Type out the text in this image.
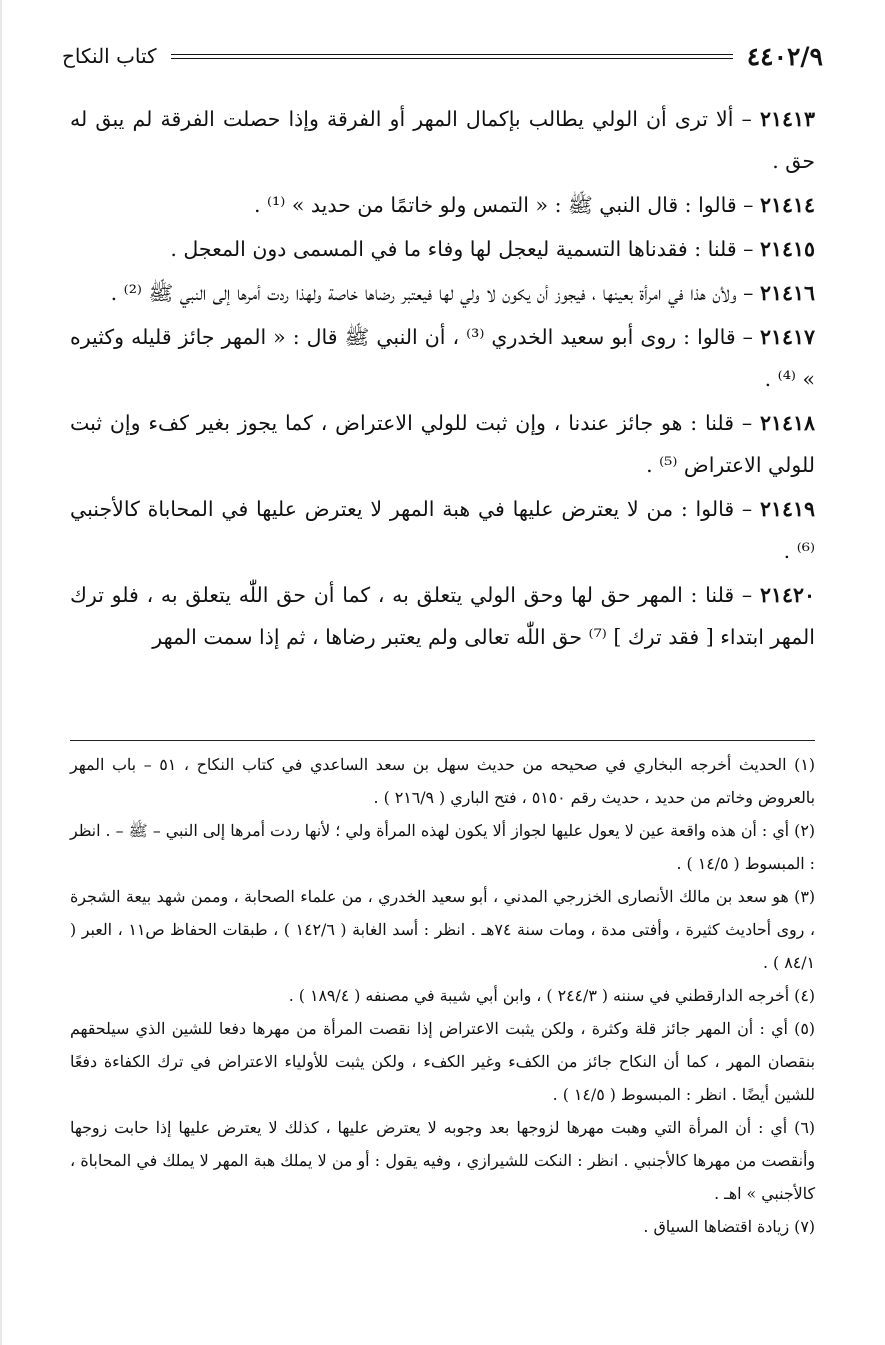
٤٤٠٢/٩
كتاب النكاح

٢١٤١٣ – ألا ترى أن الولي يطالب بإكمال المهر أو الفرقة وإذا حصلت الفرقة لم يبق له حق .

٢١٤١٤ – قالوا : قال النبي ﷺ : « التمس ولو خاتمًا من حديد » ⁽¹⁾ .

٢١٤١٥ – قلنا : فقدناها التسمية ليعجل لها وفاء ما في المسمى دون المعجل .

٢١٤١٦ – ولأن هذا في امرأة بعينها ، فيجوز أن يكون لا ولي لها فيعتبر رضاها خاصة ولهذا ردت أمرها إلى النبي ﷺ ⁽²⁾ .

٢١٤١٧ – قالوا : روى أبو سعيد الخدري ⁽³⁾ ، أن النبي ﷺ قال : « المهر جائز قليله وكثيره » ⁽⁴⁾ .

٢١٤١٨ – قلنا : هو جائز عندنا ، وإن ثبت للولي الاعتراض ، كما يجوز بغير كفء وإن ثبت للولي الاعتراض ⁽⁵⁾ .

٢١٤١٩ – قالوا : من لا يعترض عليها في هبة المهر لا يعترض عليها في المحاباة كالأجنبي ⁽⁶⁾ .

٢١٤٢٠ – قلنا : المهر حق لها وحق الولي يتعلق به ، كما أن حق اللّٰه يتعلق به ، فلو ترك المهر ابتداء [ فقد ترك ] ⁽⁷⁾ حق اللّٰه تعالى ولم يعتبر رضاها ، ثم إذا سمت المهر

(١) الحديث أخرجه البخاري في صحيحه من حديث سهل بن سعد الساعدي في كتاب النكاح ، ٥١ – باب المهر بالعروض وخاتم من حديد ، حديث رقم ٥١٥٠ ، فتح الباري ( ٢١٦/٩ ) .

(٢) أي : أن هذه واقعة عين لا يعول عليها لجواز ألا يكون لهذه المرأة ولي ؛ لأنها ردت أمرها إلى النبي – ﷺ – . انظر : المبسوط ( ١٤/٥ ) .

(٣) هو سعد بن مالك الأنصارى الخزرجي المدني ، أبو سعيد الخدري ، من علماء الصحابة ، وممن شهد بيعة الشجرة ، روى أحاديث كثيرة ، وأفتى مدة ، ومات سنة ٧٤هـ . انظر : أسد الغابة ( ١٤٢/٦ ) ، طبقات الحفاظ ص١١ ، العبر ( ٨٤/١ ) .

(٤) أخرجه الدارقطني في سننه ( ٢٤٤/٣ ) ، وابن أبي شيبة في مصنفه ( ١٨٩/٤ ) .

(٥) أي : أن المهر جائز قلة وكثرة ، ولكن يثبت الاعتراض إذا نقصت المرأة من مهرها دفعا للشين الذي سيلحقهم بنقصان المهر ، كما أن النكاح جائز من الكفء وغير الكفء ، ولكن يثبت للأولياء الاعتراض في ترك الكفاءة دفعًا للشين أيضًا . انظر : المبسوط ( ١٤/٥ ) .

(٦) أي : أن المرأة التي وهبت مهرها لزوجها بعد وجوبه لا يعترض عليها ، كذلك لا يعترض عليها إذا حابت زوجها وأنقصت من مهرها كالأجنبي . انظر : النكت للشيرازي ، وفيه يقول : أو من لا يملك هبة المهر لا يملك في المحاباة ، كالأجنبي » اهـ .

(٧) زيادة اقتضاها السياق .
